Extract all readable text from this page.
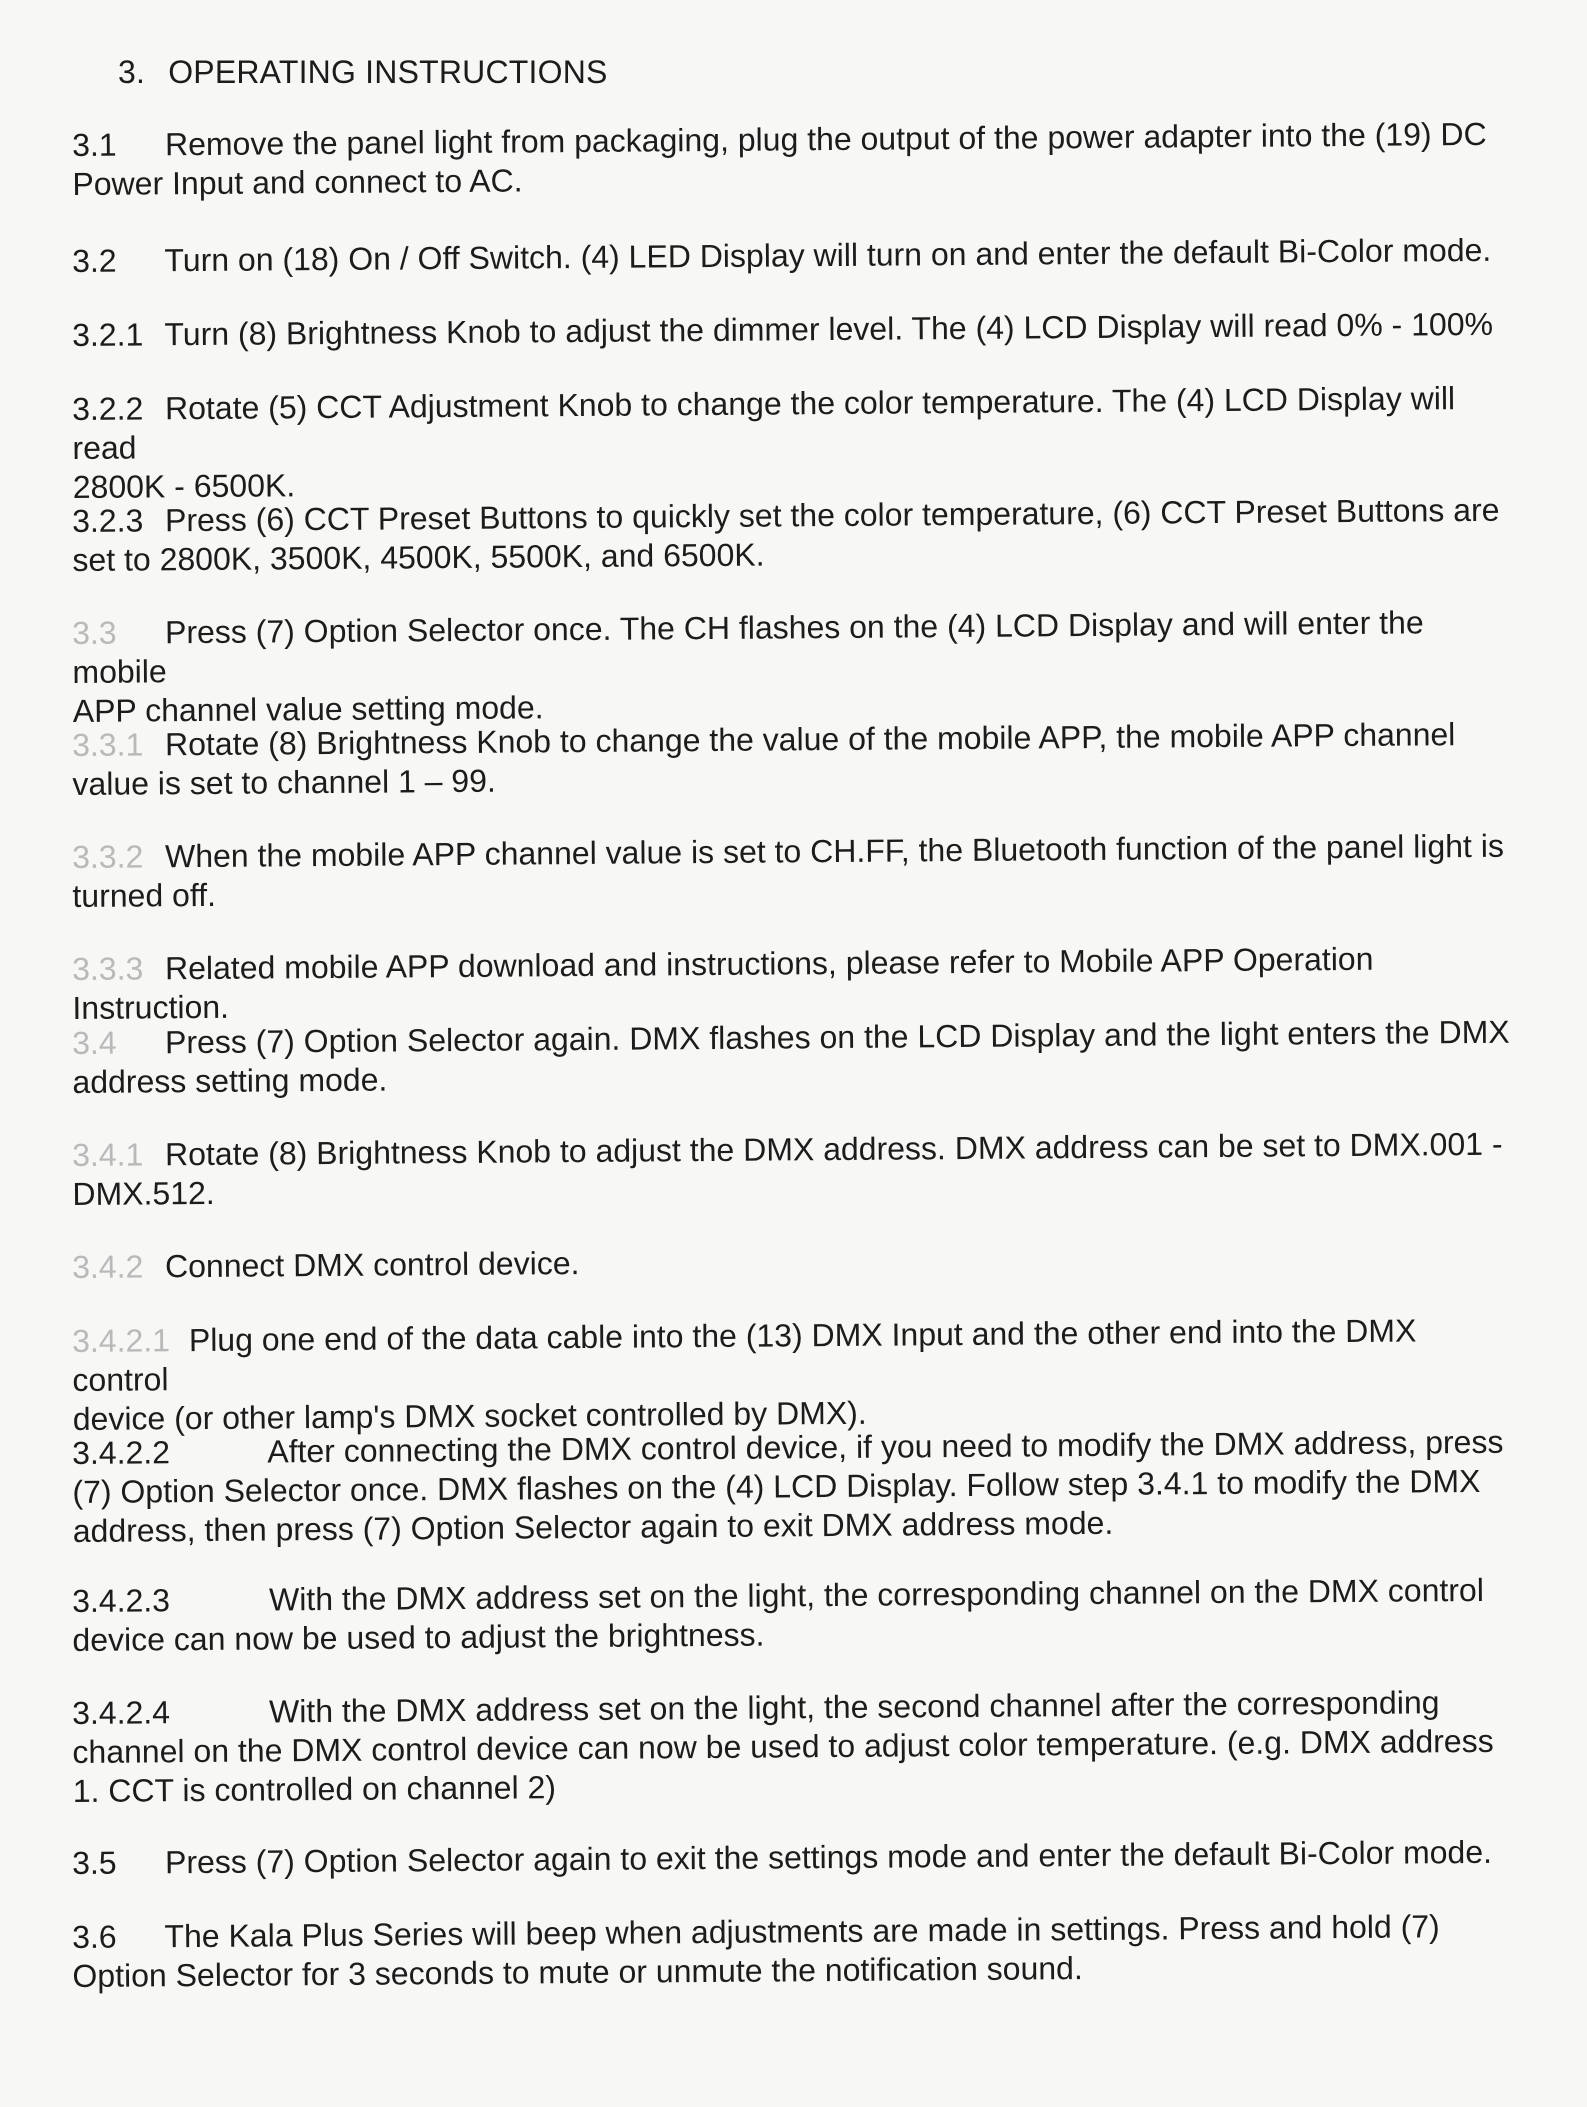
3. OPERATING INSTRUCTIONS
3.1 Remove the panel light from packaging, plug the output of the power adapter into the (19) DC
Power Input and connect to AC.
3.2 Turn on (18) On / Off Switch. (4) LED Display will turn on and enter the default Bi-Color mode.
3.2.1 Turn (8) Brightness Knob to adjust the dimmer level. The (4) LCD Display will read 0% - 100%
3.2.2 Rotate (5) CCT Adjustment Knob to change the color temperature. The (4) LCD Display will read
2800K - 6500K.
3.2.3 Press (6) CCT Preset Buttons to quickly set the color temperature, (6) CCT Preset Buttons are
set to 2800K, 3500K, 4500K, 5500K, and 6500K.
3.3 Press (7) Option Selector once. The CH flashes on the (4) LCD Display and will enter the mobile
APP channel value setting mode.
3.3.1 Rotate (8) Brightness Knob to change the value of the mobile APP, the mobile APP channel
value is set to channel 1 – 99.
3.3.2 When the mobile APP channel value is set to CH.FF, the Bluetooth function of the panel light is
turned off.
3.3.3 Related mobile APP download and instructions, please refer to Mobile APP Operation Instruction.
3.4 Press (7) Option Selector again. DMX flashes on the LCD Display and the light enters the DMX
address setting mode.
3.4.1 Rotate (8) Brightness Knob to adjust the DMX address. DMX address can be set to DMX.001 -
DMX.512.
3.4.2 Connect DMX control device.
3.4.2.1 Plug one end of the data cable into the (13) DMX Input and the other end into the DMX control
device (or other lamp's DMX socket controlled by DMX).
3.4.2.2	After connecting the DMX control device, if you need to modify the DMX address, press
(7) Option Selector once. DMX flashes on the (4) LCD Display. Follow step 3.4.1 to modify the DMX
address, then press (7) Option Selector again to exit DMX address mode.
3.4.2.3	With the DMX address set on the light, the corresponding channel on the DMX control
device can now be used to adjust the brightness.
3.4.2.4	With the DMX address set on the light, the second channel after the corresponding
channel on the DMX control device can now be used to adjust color temperature. (e.g. DMX address
1. CCT is controlled on channel 2)
3.5 Press (7) Option Selector again to exit the settings mode and enter the default Bi-Color mode.
3.6 The Kala Plus Series will beep when adjustments are made in settings. Press and hold (7)
Option Selector for 3 seconds to mute or unmute the notification sound.
